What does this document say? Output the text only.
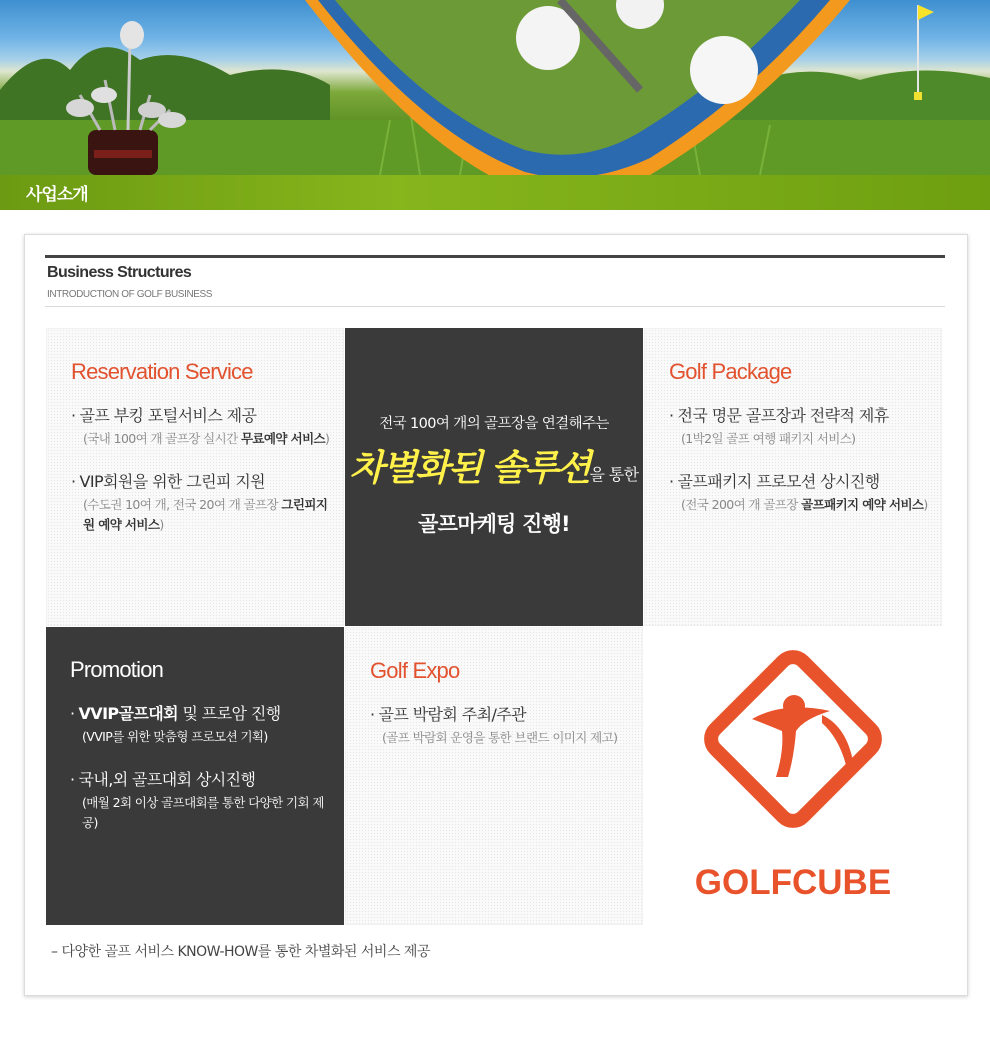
사업소개
Business Structures

INTRODUCTION OF GOLF BUSINESS

Reservation Service
· 골프 부킹 포털서비스 제공
(국내 100여 개 골프장 실시간 무료예약 서비스)
· VIP회원을 위한 그린피 지원
(수도권 10여 개, 전국 20여 개 골프장 그린피지원 예약 서비스)
전국 100여 개의 골프장을 연결해주는
차별화된 솔루션을 통한
골프마케팅 진행!
Golf Package
· 전국 명문 골프장과 전략적 제휴
(1박2일 골프 여행 패키지 서비스)
· 골프패키지 프로모션 상시진행
(전국 200여 개 골프장 골프패키지 예약 서비스)
Promotion
· VVIP골프대회 및 프로암 진행
(VVIP를 위한 맞춤형 프로모션 기획)
· 국내,외 골프대회 상시진행
(매월 2회 이상 골프대회를 통한 다양한 기회 제공)
Golf Expo
· 골프 박람회 주최/주관
(골프 박람회 운영을 통한 브랜드 이미지 제고)
GOLFCUBE
– 다양한 골프 서비스 KNOW-HOW를 통한 차별화된 서비스 제공
